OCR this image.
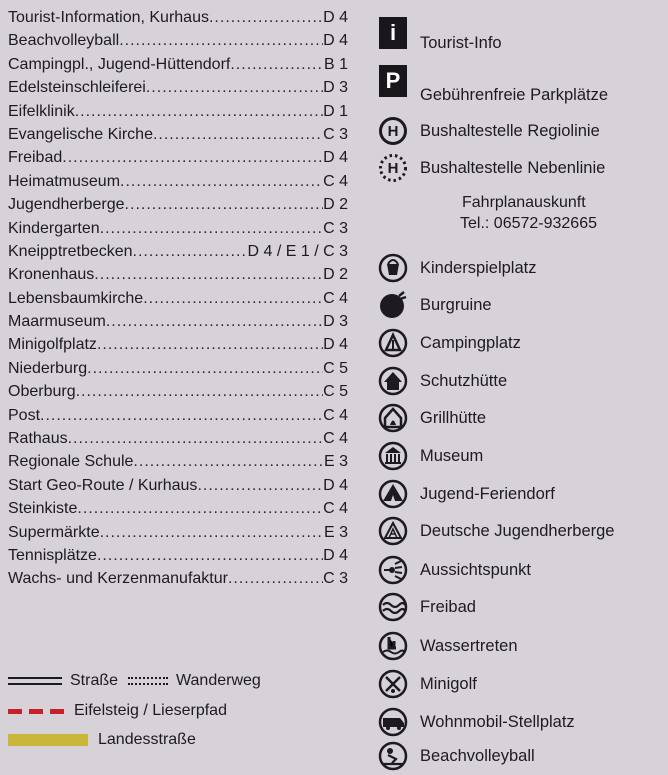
Tourist-Information, Kurhaus .....	D 4
Beachvolleyball .....	D 4
Campingpl., Jugend-Hüttendorf .....	B 1
Edelsteinschleiferei .....	D 3
Eifelklinik .....	D 1
Evangelische Kirche .....	C 3
Freibad .....	D 4
Heimatmuseum .....	C 4
Jugendherberge .....	D 2
Kindergarten .....	C 3
Kneipptretbecken .....	D 4 / E 1 / C 3
Kronenhaus .....	D 2
Lebensbaumkirche .....	C 4
Maarmuseum .....	D 3
Minigolfplatz .....	D 4
Niederburg .....	C 5
Oberburg .....	C 5
Post .....	C 4
Rathaus .....	C 4
Regionale Schule .....	E 3
Start Geo-Route / Kurhaus .....	D 4
Steinkiste .....	C 4
Supermärkte .....	E 3
Tennisplätze .....	D 4
Wachs- und Kerzenmanufaktur .....	C 3
Straße	Wanderweg
Eifelsteig / Lieserpfad
Landesstraße
i	Tourist-Info
P
Gebührenfreie Parkplätze
H Bushaltestelle Regiolinie
H Bushaltestelle Nebenlinie
Fahrplanauskunft
Tel.: 06572-932665
Kinderspielplatz
Burgruine
Campingplatz
Schutzhütte
Grillhütte
Museum
Jugend-Feriendorf
Deutsche Jugendherberge
Aussichtspunkt
Freibad
Wassertreten
Minigolf
Wohnmobil-Stellplatz
Beachvolleyball
